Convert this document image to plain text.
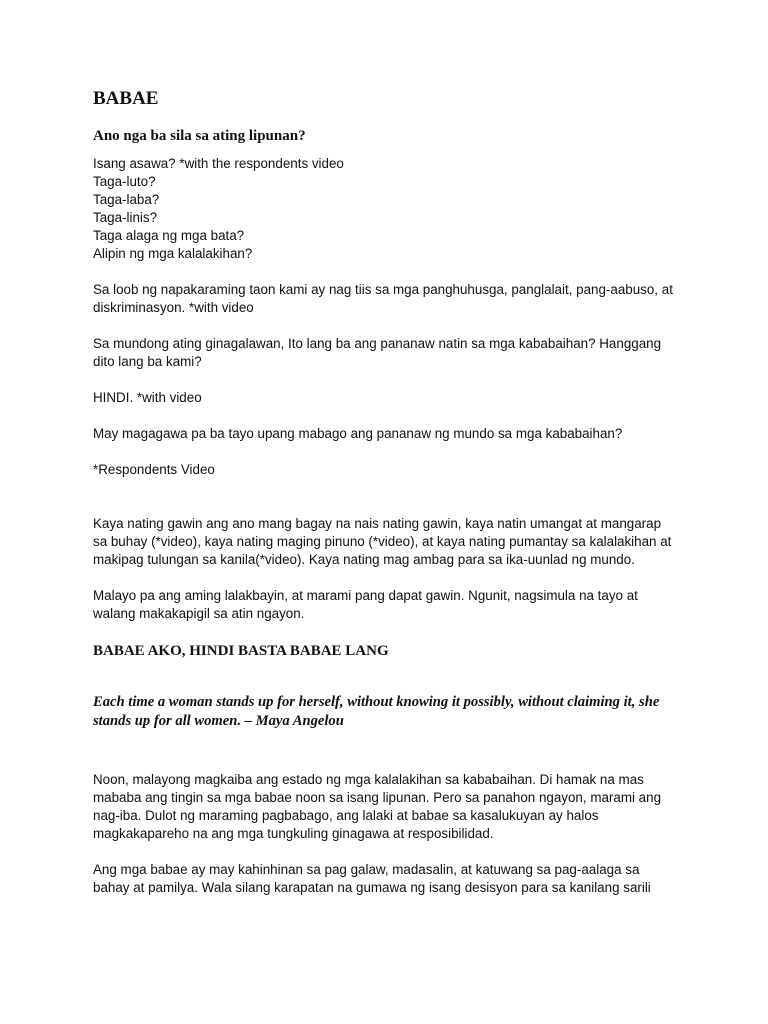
BABAE
Ano nga ba sila sa ating lipunan?
Isang asawa? *with the respondents video
Taga-luto?
Taga-laba?
Taga-linis?
Taga alaga ng mga bata?
Alipin ng mga kalalakihan?

Sa loob ng napakaraming taon kami ay nag tiis sa mga panghuhusga, panglalait, pang-aabuso, at diskriminasyon. *with video

Sa mundong ating ginagalawan, Ito lang ba ang pananaw natin sa mga kababaihan? Hanggang dito lang ba kami?

HINDI. *with video

May magagawa pa ba tayo upang mabago ang pananaw ng mundo sa mga kababaihan?

*Respondents Video

Kaya nating gawin ang ano mang bagay na nais nating gawin, kaya natin umangat at mangarap sa buhay (*video), kaya nating maging pinuno (*video), at kaya nating pumantay sa kalalakihan at makipag tulungan sa kanila(*video). Kaya nating mag ambag para sa ika-uunlad ng mundo.

Malayo pa ang aming lalakbayin, at marami pang dapat gawin. Ngunit, nagsimula na tayo at walang makakapigil sa atin ngayon.

BABAE AKO, HINDI BASTA BABAE LANG
Each time a woman stands up for herself, without knowing it possibly, without claiming it, she stands up for all women. – Maya Angelou

Noon, malayong magkaiba ang estado ng mga kalalakihan sa kababaihan. Di hamak na mas mababa ang tingin sa mga babae noon sa isang lipunan. Pero sa panahon ngayon, marami ang nag-iba. Dulot ng maraming pagbabago, ang lalaki at babae sa kasalukuyan ay halos magkakapareho na ang mga tungkuling ginagawa at resposibilidad.

Ang mga babae ay may kahinhinan sa pag galaw, madasalin, at katuwang sa pag-aalaga sa bahay at pamilya. Wala silang karapatan na gumawa ng isang desisyon para sa kanilang sarili
